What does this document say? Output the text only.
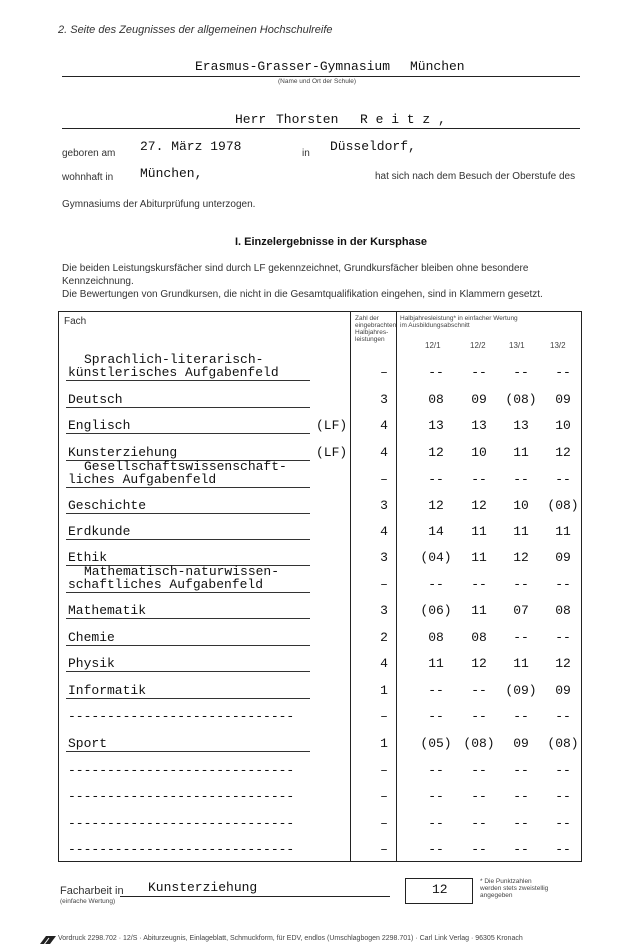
2. Seite des Zeugnisses der allgemeinen Hochschulreife
Erasmus-Grasser-Gymnasium München
(Name und Ort der Schule)
Herr Thorsten R e i t z ,
geboren am 27. März 1978	in Düsseldorf,
wohnhaft in München,	hat sich nach dem Besuch der Oberstufe des
Gymnasiums der Abiturprüfung unterzogen.
I. Einzelergebnisse in der Kursphase
Die beiden Leistungskursfächer sind durch LF gekennzeichnet, Grundkursfächer bleiben ohne besondere
Kennzeichnung.
Die Bewertungen von Grundkursen, die nicht in die Gesamtqualifikation eingehen, sind in Klammern gesetzt.
Fach	Zahl der
eingebrachten
Halbjahres-
leistungen
Halbjahresleistung* in einfacher Wertung
im Ausbildungsabschnitt
12/1	12/2	13/1	13/2
Sprachlich-literarisch-
künstlerisches Aufgabenfeld	–	--	--	--	--
Deutsch	3	08	09	(08)	09
Englisch	(LF)	4	13	13	13	10
Kunsterziehung	(LF)	4	12	10	11	12
Gesellschaftswissenschaft-
liches Aufgabenfeld	–	--	--	--	--
Geschichte	3	12	12	10	(08)
Erdkunde	4	14	11	11	11
Ethik	3	(04)	11	12	09
Mathematisch-naturwissen-
schaftliches Aufgabenfeld	–	--	--	--	--
Mathematik	3	(06)	11	07	08
Chemie	2	08	08	--	--
Physik	4	11	12	11	12
Informatik	1	--	--	(09)	09
-----------------------------	–	--	--	--	--
Sport	1	(05) (08)	09	(08)
-----------------------------	–	--	--	--	--
-----------------------------	–	--	--	--	--
-----------------------------	–	--	--	--	--
-----------------------------	–	--	--	--	--
Facharbeit in
(einfache Wertung)
Kunsterziehung	12
* Die Punktzahlen
werden stets zweistellig
angegeben
Vordruck 2298.702 · 12/S · Abiturzeugnis, Einlageblatt, Schmuckform, für EDV, endlos (Umschlagbogen 2298.701) · Carl Link Verlag · 96305 Kronach
